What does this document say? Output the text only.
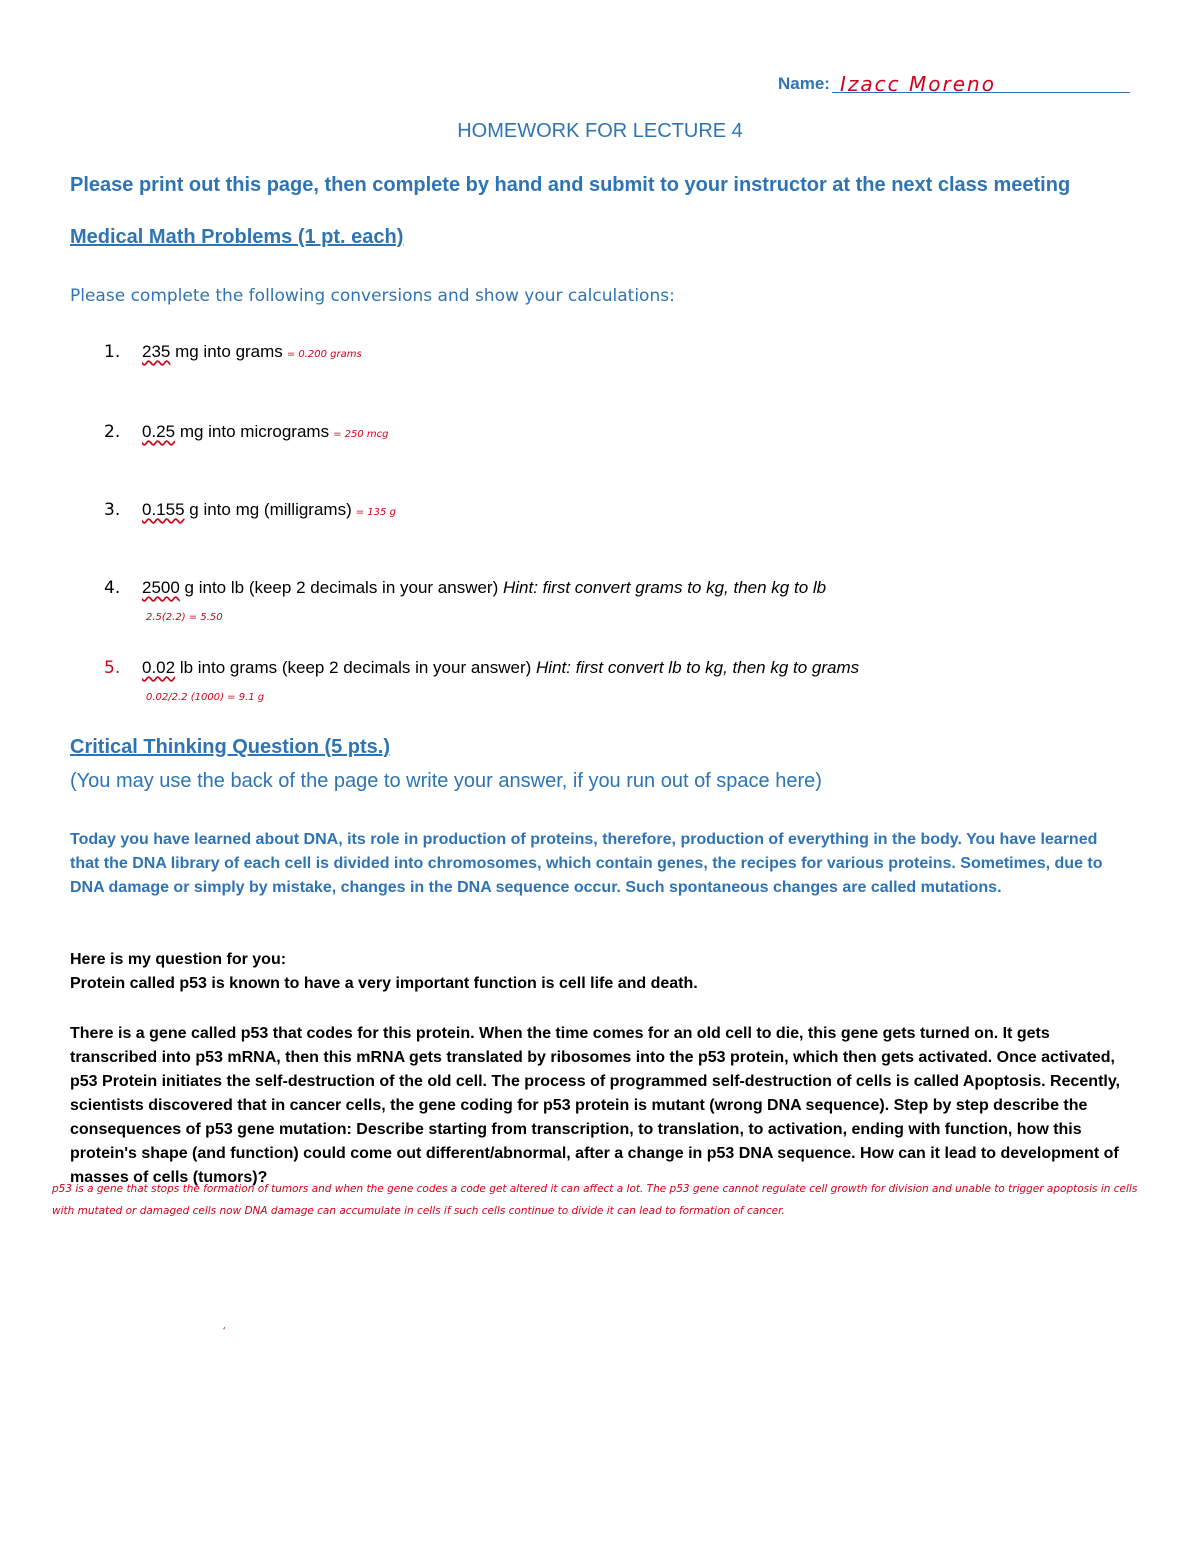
Name: Izacc Moreno
HOMEWORK FOR LECTURE 4
Please print out this page, then complete by hand and submit to your instructor at the next class meeting
Medical Math Problems (1 pt. each)
Please complete the following conversions and show your calculations:
1. 235 mg into grams = 0.200 grams
2. 0.25 mg into micrograms = 250 mcg
3. 0.155 g into mg (milligrams) = 135 g
4. 2500 g into lb (keep 2 decimals in your answer) Hint: first convert grams to kg, then kg to lb
2.5(2.2) = 5.50
5. 0.02 lb into grams (keep 2 decimals in your answer) Hint: first convert lb to kg, then kg to grams
0.02/2.2 (1000) = 9.1 g
Critical Thinking Question (5 pts.)
(You may use the back of the page to write your answer, if you run out of space here)
Today you have learned about DNA, its role in production of proteins, therefore, production of everything in the body. You have learned that the DNA library of each cell is divided into chromosomes, which contain genes, the recipes for various proteins. Sometimes, due to DNA damage or simply by mistake, changes in the DNA sequence occur. Such spontaneous changes are called mutations.
Here is my question for you:
Protein called p53 is known to have a very important function is cell life and death.
There is a gene called p53 that codes for this protein. When the time comes for an old cell to die, this gene gets turned on. It gets transcribed into p53 mRNA, then this mRNA gets translated by ribosomes into the p53 protein, which then gets activated. Once activated, p53 Protein initiates the self-destruction of the old cell. The process of programmed self-destruction of cells is called Apoptosis. Recently, scientists discovered that in cancer cells, the gene coding for p53 protein is mutant (wrong DNA sequence). Step by step describe the consequences of p53 gene mutation: Describe starting from transcription, to translation, to activation, ending with function, how this protein's shape (and function) could come out different/abnormal, after a change in p53 DNA sequence. How can it lead to development of masses of cells (tumors)?
p53 is a gene that stops the formation of tumors and when the gene codes a code get altered it can affect a lot. The p53 gene cannot regulate cell growth for division and unable to trigger apoptosis in cells with mutated or damaged cells now DNA damage can accumulate in cells if such cells continue to divide it can lead to formation of cancer.
‘
